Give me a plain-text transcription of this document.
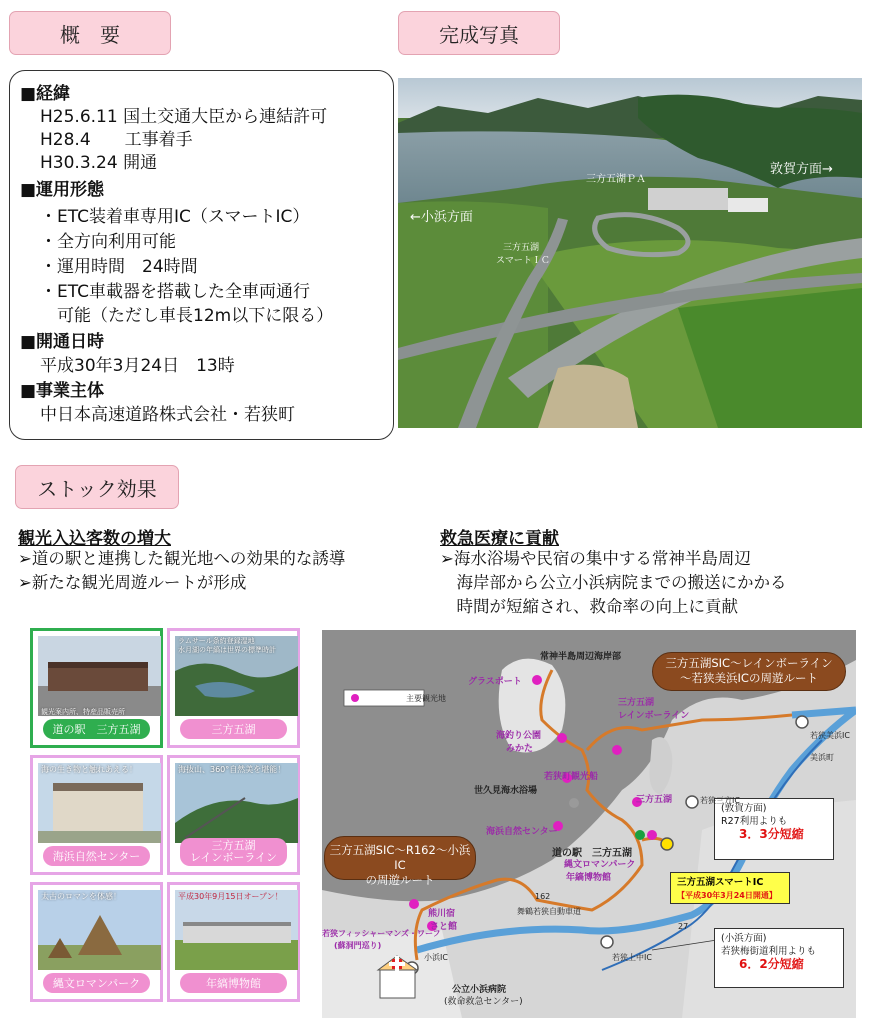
概　要	完成写真
■経緯
H25.6.11 国土交通大臣から連結許可
H28.4　　工事着手
H30.3.24 開通
■運用形態
・ETC装着車専用IC（スマートIC）
・全方向利用可能
・運用時間　24時間
・ETC車載器を搭載した全車両通行
　可能（ただし車長12m以下に限る）
■開通日時
平成30年3月24日　13時
■事業主体
中日本高速道路株式会社・若狭町
三方五湖ＰＡ
敦賀方面→
←小浜方面
三方五湖
スマートＩＣ
ストック効果
観光入込客数の増大
➢道の駅と連携した観光地への効果的な誘導
➢新たな観光周遊ルートが形成
救急医療に貢献
➢海水浴場や民宿の集中する常神半島周辺
　海岸部から公立小浜病院までの搬送にかかる
　時間が短縮され、救命率の向上に貢献
観光案内所、特産品販売所
道の駅　三方五湖
ラムサール条約登録湿地
水月湖の年縞は世界の標準時計
三方五湖
海の生き物と触れあえる！
海浜自然センター
海抜山、360°自然美を堪能！
三方五湖
レインボーライン
太古のロマンを体感！
縄文ロマンパーク
平成30年9月15日オープン！
年縞博物館
主要観光地
三方五湖SIC～レインボーライン
～若狭美浜ICの周遊ルート
三方五湖SIC～R162～小浜IC
の周遊ルート
(敦賀方面)
R27利用よりも
3．3分短縮
三方五湖スマートIC
【平成30年3月24日開通】
(小浜方面)
若狭梅街道利用よりも
6．2分短縮
常神半島周辺海岸部
グラスポート
三方五湖
レインボーライン
海釣り公園
みかた
若狭町観光船
世久見海水浴場
海浜自然センター
三方五湖
道の駅　三方五湖
縄文ロマンパーク
年縞博物館
熊川宿
さと館
若狭フィッシャーマンズ・ワーフ
(蘇洞門巡り)
小浜IC
若狭三方IC
若狭美浜IC
若狭上中IC
舞鶴若狭自動車道
美浜町
162
27
公立小浜病院
(救命救急センター)
